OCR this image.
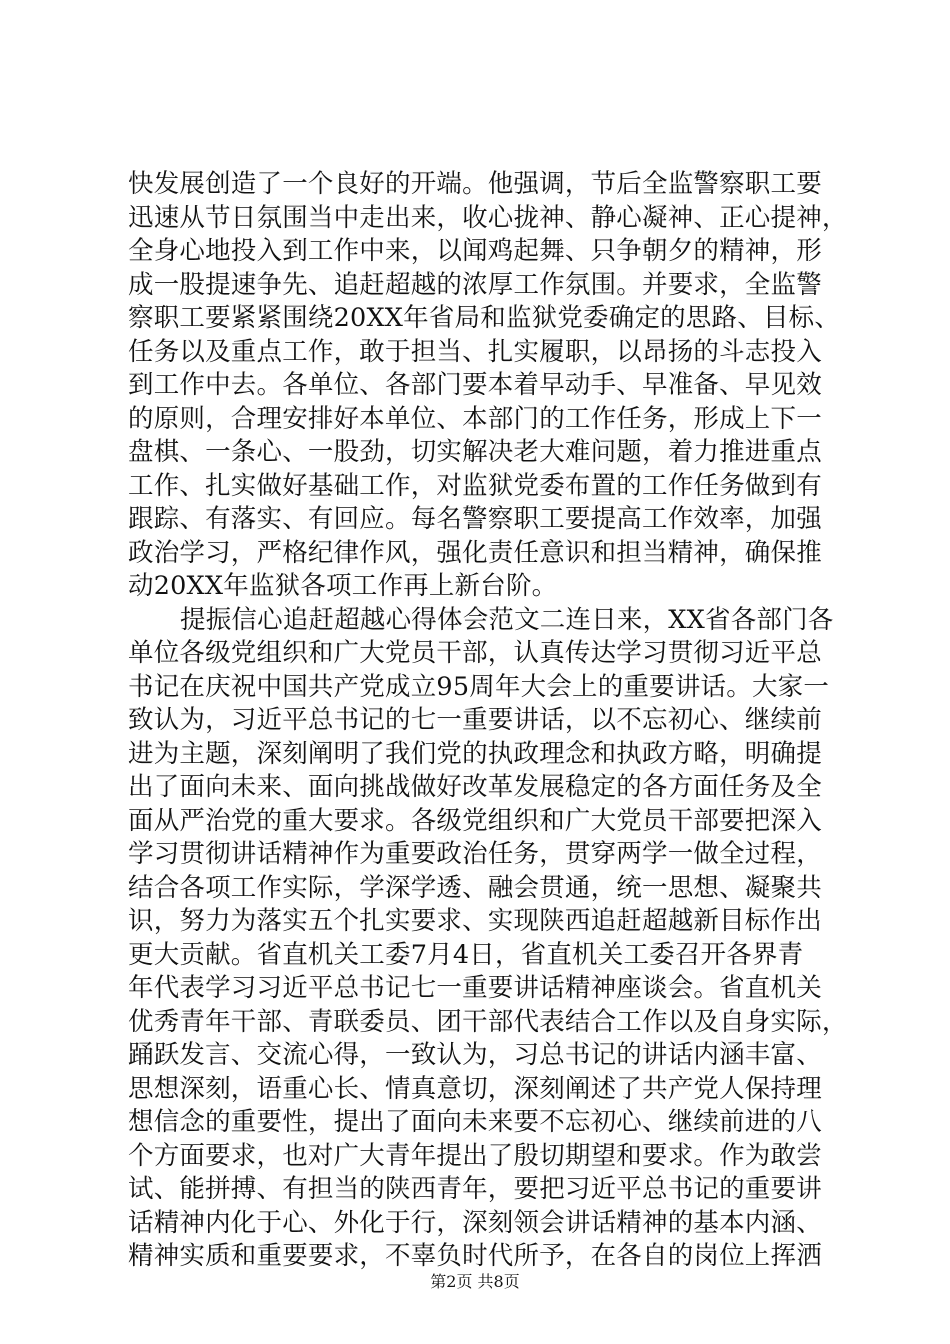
快发展创造了一个良好的开端。他强调，节后全监警察职工要
迅速从节日氛围当中走出来，收心拢神、静心凝神、正心提神，
全身心地投入到工作中来，以闻鸡起舞、只争朝夕的精神，形
成一股提速争先、追赶超越的浓厚工作氛围。并要求，全监警
察职工要紧紧围绕20XX年省局和监狱党委确定的思路、目标、
任务以及重点工作，敢于担当、扎实履职，以昂扬的斗志投入
到工作中去。各单位、各部门要本着早动手、早准备、早见效
的原则，合理安排好本单位、本部门的工作任务，形成上下一
盘棋、一条心、一股劲，切实解决老大难问题，着力推进重点
工作、扎实做好基础工作，对监狱党委布置的工作任务做到有
跟踪、有落实、有回应。每名警察职工要提高工作效率，加强
政治学习，严格纪律作风，强化责任意识和担当精神，确保推
动20XX年监狱各项工作再上新台阶。
提振信心追赶超越心得体会范文二连日来，XX省各部门各
单位各级党组织和广大党员干部，认真传达学习贯彻习近平总
书记在庆祝中国共产党成立95周年大会上的重要讲话。大家一
致认为，习近平总书记的七一重要讲话，以不忘初心、继续前
进为主题，深刻阐明了我们党的执政理念和执政方略，明确提
出了面向未来、面向挑战做好改革发展稳定的各方面任务及全
面从严治党的重大要求。各级党组织和广大党员干部要把深入
学习贯彻讲话精神作为重要政治任务，贯穿两学一做全过程，
结合各项工作实际，学深学透、融会贯通，统一思想、凝聚共
识，努力为落实五个扎实要求、实现陕西追赶超越新目标作出
更大贡献。省直机关工委7月4日，省直机关工委召开各界青
年代表学习习近平总书记七一重要讲话精神座谈会。省直机关
优秀青年干部、青联委员、团干部代表结合工作以及自身实际，
踊跃发言、交流心得，一致认为，习总书记的讲话内涵丰富、
思想深刻，语重心长、情真意切，深刻阐述了共产党人保持理
想信念的重要性，提出了面向未来要不忘初心、继续前进的八
个方面要求，也对广大青年提出了殷切期望和要求。作为敢尝
试、能拼搏、有担当的陕西青年，要把习近平总书记的重要讲
话精神内化于心、外化于行，深刻领会讲话精神的基本内涵、
精神实质和重要要求，不辜负时代所予，在各自的岗位上挥洒
第2页 共8页
